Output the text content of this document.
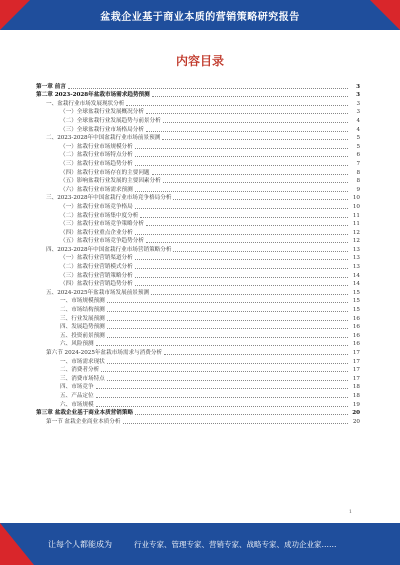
盆栽企业基于商业本质的营销策略研究报告
内容目录
第一章 前言	3
第二章 2023-2028年盆栽市场需求趋势预测	3
一、盆栽行业市场发展现状分析	3
（一）全球盆栽行业发展概况分析	3
（二）全球盆栽行业发展趋势与前景分析	4
（三）全球盆栽行业市场格局分析	4
二、2023-2028年中国盆栽行业市场前景预测	5
（一）盆栽行业市场规模分析	5
（二）盆栽行业市场特点分析	6
（三）盆栽行业市场趋势分析	7
（四）盆栽行业市场存在的主要问题	8
（五）影响盆栽行业发展的主要因素分析	8
（六）盆栽行业市场需求预测	9
三、2023-2028年中国盆栽行业市场竞争格局分析	10
（一）盆栽行业市场竞争格局	10
（二）盆栽行业市场集中度分析	11
（三）盆栽行业市场竞争策略分析	11
（四）盆栽行业重点企业分析	12
（五）盆栽行业市场竞争趋势分析	12
四、2023-2028年中国盆栽行业市场营销策略分析	13
（一）盆栽行业营销渠道分析	13
（二）盆栽行业营销模式分析	13
（三）盆栽行业营销策略分析	14
（四）盆栽行业营销趋势分析	14
五、2024-2025年盆栽市场发展前景预测	15
一、市场规模预测	15
二、市场结构预测	15
三、行业发展预测	16
四、发展趋势预测	16
五、投资前景预测	16
六、风险预测	16
第六节 2024-2025年盆栽市场需求与消费分析	17
一、市场需求现状	17
二、消费者分析	17
三、消费市场特点	17
四、市场竞争	18
五、产品定位	18
六、市场规模	19
第三章 盆栽企业基于商业本质营销策略	20
第一节 盆栽企业商业本质分析	20
1
让每个人都能成为	行业专家、管理专家、营销专家、战略专家、成功企业家……
